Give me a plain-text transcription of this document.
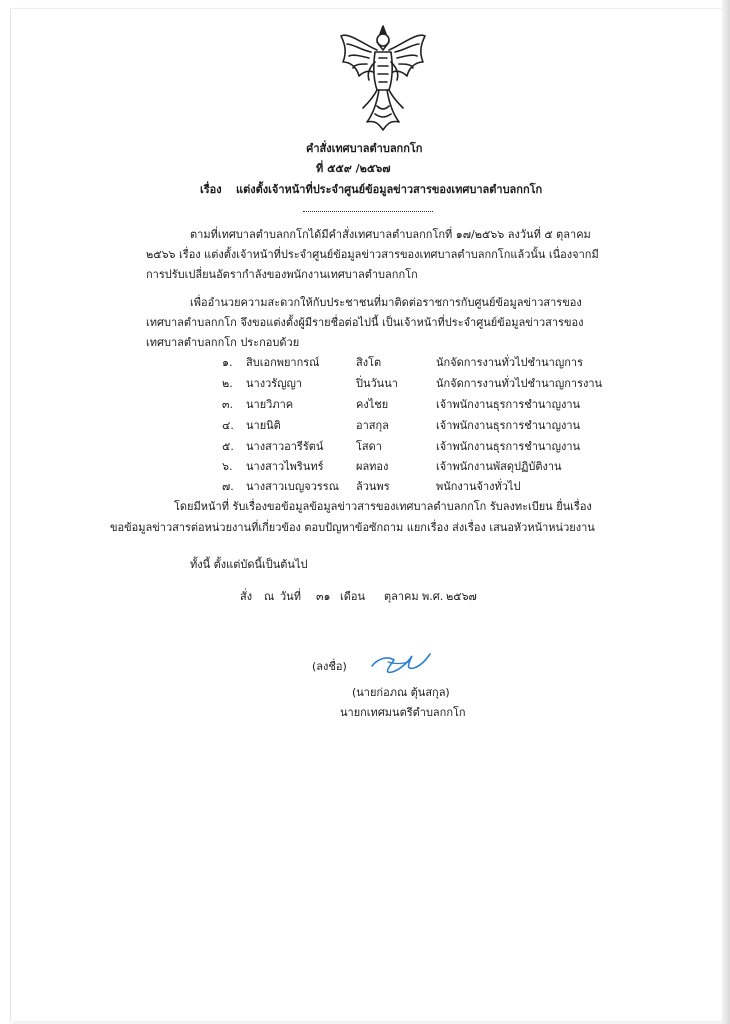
คำสั่งเทศบาลตำบลกกโก
ที่ ๕๕๙ /๒๕๖๗
เรื่อง แต่งตั้งเจ้าหน้าที่ประจำศูนย์ข้อมูลข่าวสารของเทศบาลตำบลกกโก
ตามที่เทศบาลตำบลกกโกได้มีคำสั่งเทศบาลตำบลกกโกที่ ๑๗/๒๕๖๖ ลงวันที่ ๕ ตุลาคม
๒๕๖๖ เรื่อง แต่งตั้งเจ้าหน้าที่ประจำศูนย์ข้อมูลข่าวสารของเทศบาลตำบลกกโกแล้วนั้น เนื่องจากมี
การปรับเปลี่ยนอัตรากำลังของพนักงานเทศบาลตำบลกกโก
เพื่ออำนวยความสะดวกให้กับประชาชนที่มาติดต่อราชการกับศูนย์ข้อมูลข่าวสารของ
เทศบาลตำบลกกโก จึงขอแต่งตั้งผู้มีรายชื่อต่อไปนี้ เป็นเจ้าหน้าที่ประจำศูนย์ข้อมูลข่าวสารของ
เทศบาลตำบลกกโก ประกอบด้วย
๑. สิบเอกพยากรณ์	สิงโต	นักจัดการงานทั่วไปชำนาญการ
๒. นางวรัญญา	ปิ่นวันนา	นักจัดการงานทั่วไปชำนาญการงาน
๓. นายวิภาค	คงไชย	เจ้าพนักงานธุรการชำนาญงาน
๔. นายนิติ	อาสกุล	เจ้าพนักงานธุรการชำนาญงาน
๕. นางสาวอารีรัตน์	โสดา	เจ้าพนักงานธุรการชำนาญงาน
๖. นางสาวไพรินทร์	ผลทอง	เจ้าพนักงานพัสดุปฏิบัติงาน
๗. นางสาวเบญจวรรณ ล้วนพร	พนักงานจ้างทั่วไป
โดยมีหน้าที่ รับเรื่องขอข้อมูลข้อมูลข่าวสารของเทศบาลตำบลกกโก รับลงทะเบียน ยื่นเรื่อง
ขอข้อมูลข่าวสารต่อหน่วยงานที่เกี่ยวข้อง ตอบปัญหาข้อซักถาม แยกเรื่อง ส่งเรื่อง เสนอหัวหน้าหน่วยงาน
ทั้งนี้ ตั้งแต่บัดนี้เป็นต้นไป
สั่ง ณ วันที่ ๓๑ เดือน ตุลาคม พ.ศ. ๒๕๖๗
(ลงชื่อ)
(นายก่อภณ ตุ้นสกุล)
นายกเทศมนตรีตำบลกกโก
